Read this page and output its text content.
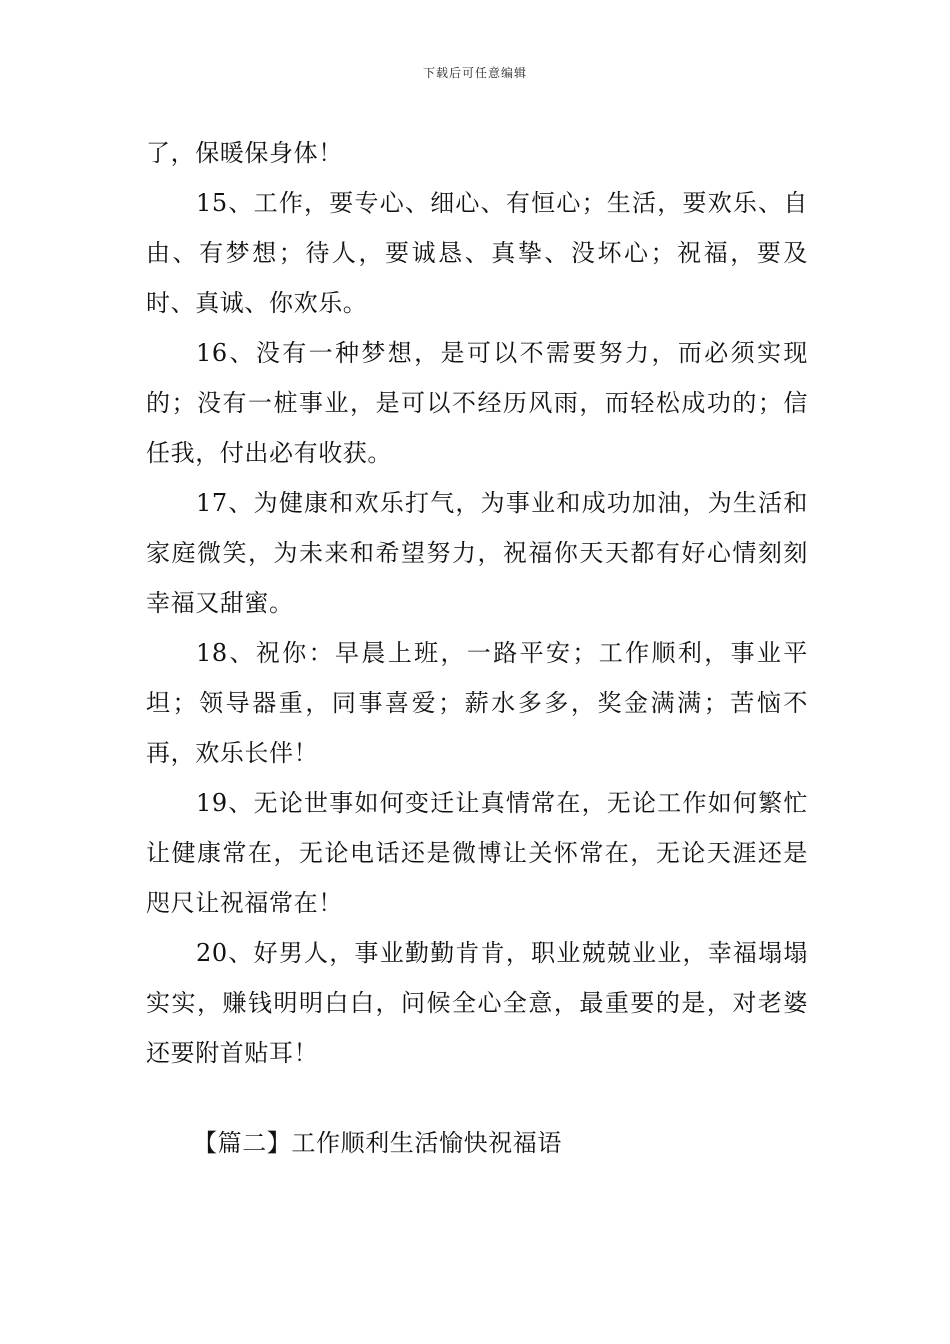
下载后可任意编辑

了，保暖保身体！

15、工作，要专心、细心、有恒心；生活，要欢乐、自由、有梦想；待人，要诚恳、真挚、没坏心；祝福，要及时、真诚、你欢乐。

16、没有一种梦想，是可以不需要努力，而必须实现的；没有一桩事业，是可以不经历风雨，而轻松成功的；信任我，付出必有收获。

17、为健康和欢乐打气，为事业和成功加油，为生活和家庭微笑，为未来和希望努力，祝福你天天都有好心情刻刻幸福又甜蜜。

18、祝你：早晨上班，一路平安；工作顺利，事业平坦；领导器重，同事喜爱；薪水多多，奖金满满；苦恼不再，欢乐长伴！

19、无论世事如何变迁让真情常在，无论工作如何繁忙让健康常在，无论电话还是微博让关怀常在，无论天涯还是咫尺让祝福常在！

20、好男人，事业勤勤肯肯，职业兢兢业业，幸福塌塌实实，赚钱明明白白，问候全心全意，最重要的是，对老婆还要附首贴耳！

【篇二】工作顺利生活愉快祝福语
